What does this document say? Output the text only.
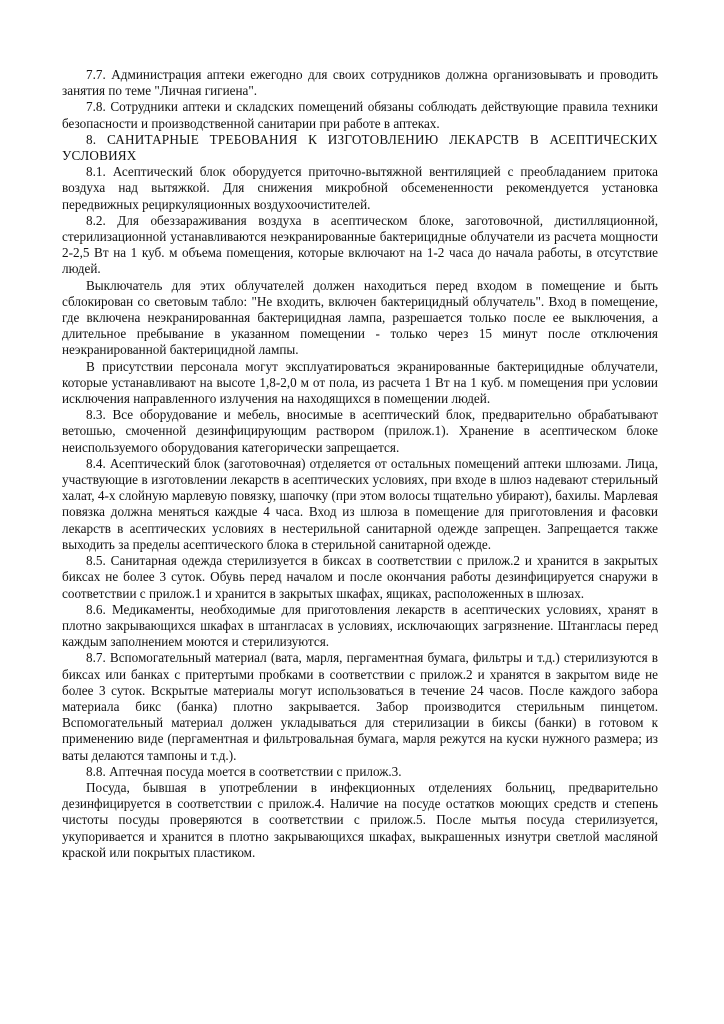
7.7. Администрация аптеки ежегодно для своих сотрудников должна организовывать и проводить занятия по теме "Личная гигиена".

7.8. Сотрудники аптеки и складских помещений обязаны соблюдать действующие правила техники безопасности и производственной санитарии при работе в аптеках.

8. САНИТАРНЫЕ ТРЕБОВАНИЯ К ИЗГОТОВЛЕНИЮ ЛЕКАРСТВ В АСЕПТИЧЕСКИХ УСЛОВИЯХ

8.1. Асептический блок оборудуется приточно-вытяжной вентиляцией с преобладанием притока воздуха над вытяжкой. Для снижения микробной обсемененности рекомендуется установка передвижных рециркуляционных воздухоочистителей.

8.2. Для обеззараживания воздуха в асептическом блоке, заготовочной, дистилляционной, стерилизационной устанавливаются неэкранированные бактерицидные облучатели из расчета мощности 2-2,5 Вт на 1 куб. м объема помещения, которые включают на 1-2 часа до начала работы, в отсутствие людей.

Выключатель для этих облучателей должен находиться перед входом в помещение и быть сблокирован со световым табло: "Не входить, включен бактерицидный облучатель". Вход в помещение, где включена неэкранированная бактерицидная лампа, разрешается только после ее выключения, а длительное пребывание в указанном помещении - только через 15 минут после отключения неэкранированной бактерицидной лампы.

В присутствии персонала могут эксплуатироваться экранированные бактерицидные облучатели, которые устанавливают на высоте 1,8-2,0 м от пола, из расчета 1 Вт на 1 куб. м помещения при условии исключения направленного излучения на находящихся в помещении людей.

8.3. Все оборудование и мебель, вносимые в асептический блок, предварительно обрабатывают ветошью, смоченной дезинфицирующим раствором (прилож.1). Хранение в асептическом блоке неиспользуемого оборудования категорически запрещается.

8.4. Асептический блок (заготовочная) отделяется от остальных помещений аптеки шлюзами. Лица, участвующие в изготовлении лекарств в асептических условиях, при входе в шлюз надевают стерильный халат, 4-х слойную марлевую повязку, шапочку (при этом волосы тщательно убирают), бахилы. Марлевая повязка должна меняться каждые 4 часа. Вход из шлюза в помещение для приготовления и фасовки лекарств в асептических условиях в нестерильной санитарной одежде запрещен. Запрещается также выходить за пределы асептического блока в стерильной санитарной одежде.

8.5. Санитарная одежда стерилизуется в биксах в соответствии с прилож.2 и хранится в закрытых биксах не более 3 суток. Обувь перед началом и после окончания работы дезинфицируется снаружи в соответствии с прилож.1 и хранится в закрытых шкафах, ящиках, расположенных в шлюзах.

8.6. Медикаменты, необходимые для приготовления лекарств в асептических условиях, хранят в плотно закрывающихся шкафах в штангласах в условиях, исключающих загрязнение. Штангласы перед каждым заполнением моются и стерилизуются.

8.7. Вспомогательный материал (вата, марля, пергаментная бумага, фильтры и т.д.) стерилизуются в биксах или банках с притертыми пробками в соответствии с прилож.2 и хранятся в закрытом виде не более 3 суток. Вскрытые материалы могут использоваться в течение 24 часов. После каждого забора материала бикс (банка) плотно закрывается. Забор производится стерильным пинцетом. Вспомогательный материал должен укладываться для стерилизации в биксы (банки) в готовом к применению виде (пергаментная и фильтровальная бумага, марля режутся на куски нужного размера; из ваты делаются тампоны и т.д.).

8.8. Аптечная посуда моется в соответствии с прилож.3.

Посуда, бывшая в употреблении в инфекционных отделениях больниц, предварительно дезинфицируется в соответствии с прилож.4. Наличие на посуде остатков моющих средств и степень чистоты посуды проверяются в соответствии с прилож.5. После мытья посуда стерилизуется, укупоривается и хранится в плотно закрывающихся шкафах, выкрашенных изнутри светлой масляной краской или покрытых пластиком.
